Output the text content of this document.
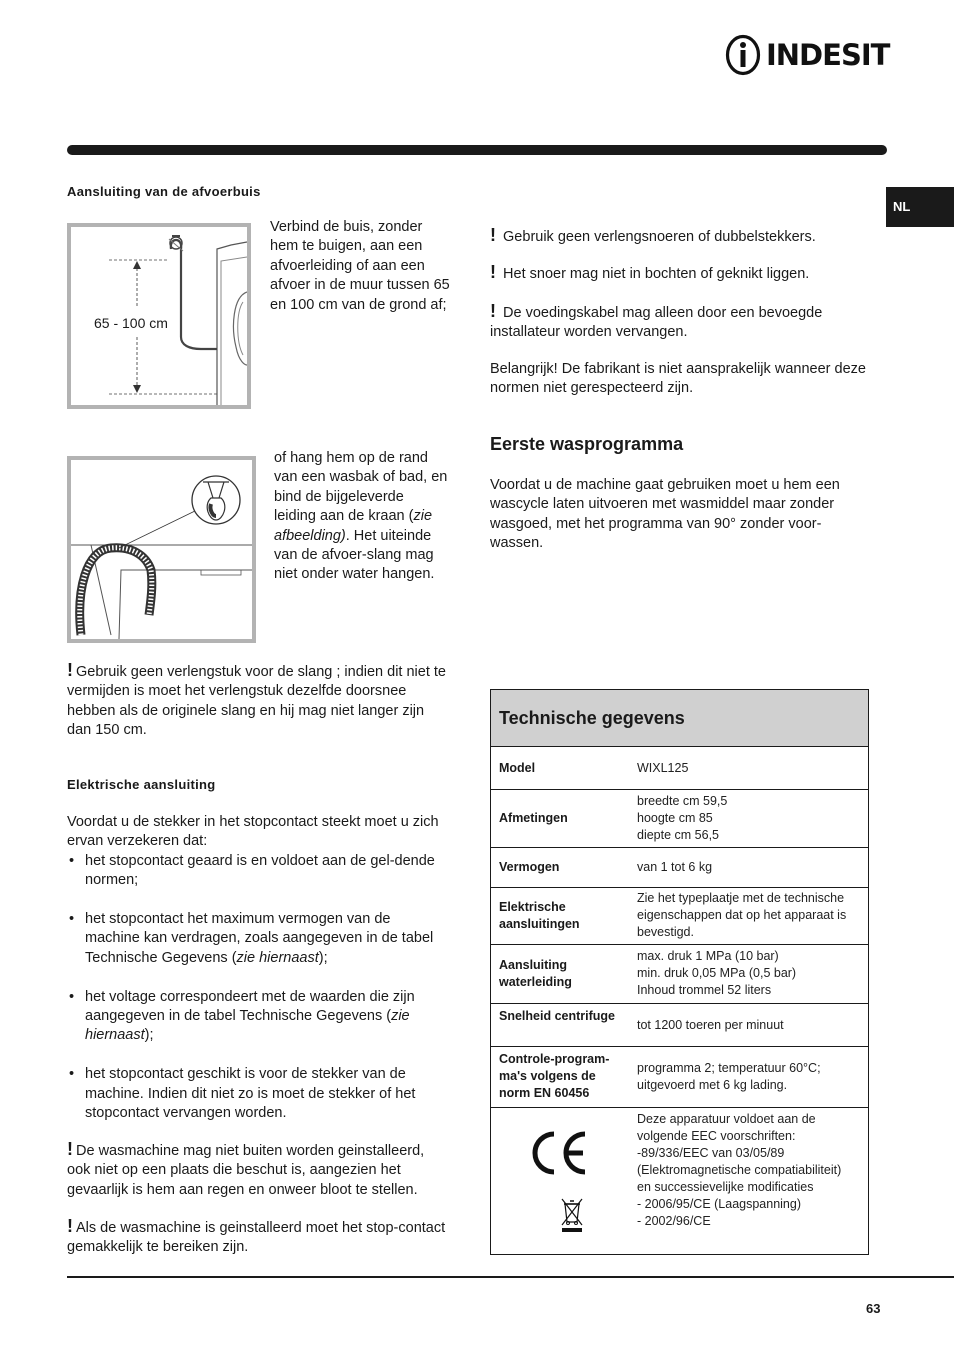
INDESIT
NL
Aansluiting van de afvoerbuis
65 - 100 cm
Verbind de buis, zonder hem te buigen, aan een afvoerleiding of aan een afvoer in de muur tussen 65 en 100 cm van de grond af;
of hang hem op de rand van een wasbak of bad, en bind de bijgeleverde leiding aan de kraan (zie afbeelding). Het uiteinde van de afvoer-slang mag niet onder water hangen.
! Gebruik geen verlengstuk voor de slang ; indien dit niet te vermijden is moet het verlengstuk dezelfde doorsnee hebben als de originele slang en hij mag niet langer zijn dan 150 cm.
Elektrische aansluiting
Voordat u de stekker in het stopcontact steekt moet u zich ervan verzekeren dat:
• het stopcontact geaard is en voldoet aan de gel-dende normen;
• het stopcontact het maximum vermogen van de machine kan verdragen, zoals aangegeven in de tabel Technische Gegevens (zie hiernaast);
• het voltage correspondeert met de waarden die zijn aangegeven in de tabel Technische Gegevens (zie hiernaast);
• het stopcontact geschikt is voor de stekker van de machine. Indien dit niet zo is moet de stekker of het stopcontact vervangen worden.
! De wasmachine mag niet buiten worden geinstalleerd, ook niet op een plaats die beschut is, aangezien het gevaarlijk is hem aan regen en onweer bloot te stellen.
! Als de wasmachine is geinstalleerd moet het stop-contact gemakkelijk te bereiken zijn.
! Gebruik geen verlengsnoeren of dubbelstekkers.
! Het snoer mag niet in bochten of geknikt liggen.
! De voedingskabel mag alleen door een bevoegde installateur worden vervangen.
Belangrijk! De fabrikant is niet aansprakelijk wanneer deze normen niet gerespecteerd zijn.
Eerste wasprogramma
Voordat u de machine gaat gebruiken moet u hem een wascycle laten uitvoeren met wasmiddel maar zonder wasgoed, met het programma van 90° zonder voor-wassen.
Technische gegevens
Model	WIXL125
Afmetingen
breedte cm 59,5
hoogte cm 85
diepte cm 56,5
Vermogen	van 1 tot 6 kg
Elektrische aansluitingen
Zie het typeplaatje met de technische eigenschappen dat op het apparaat is bevestigd.
Aansluiting waterleiding
max. druk 1 MPa (10 bar)
min. druk 0,05 MPa (0,5 bar)
Inhoud trommel 52 liters
Snelheid centrifuge
tot 1200 toeren per minuut
Controle-program-ma's volgens de norm EN 60456
programma 2; temperatuur 60°C; uitgevoerd met 6 kg lading.
Deze apparatuur voldoet aan de
volgende EEC voorschriften:
-89/336/EEC van 03/05/89
(Elektromagnetische compatiabiliteit)
en successievelijke modificaties
- 2006/95/CE (Laagspanning)
- 2002/96/CE
63
